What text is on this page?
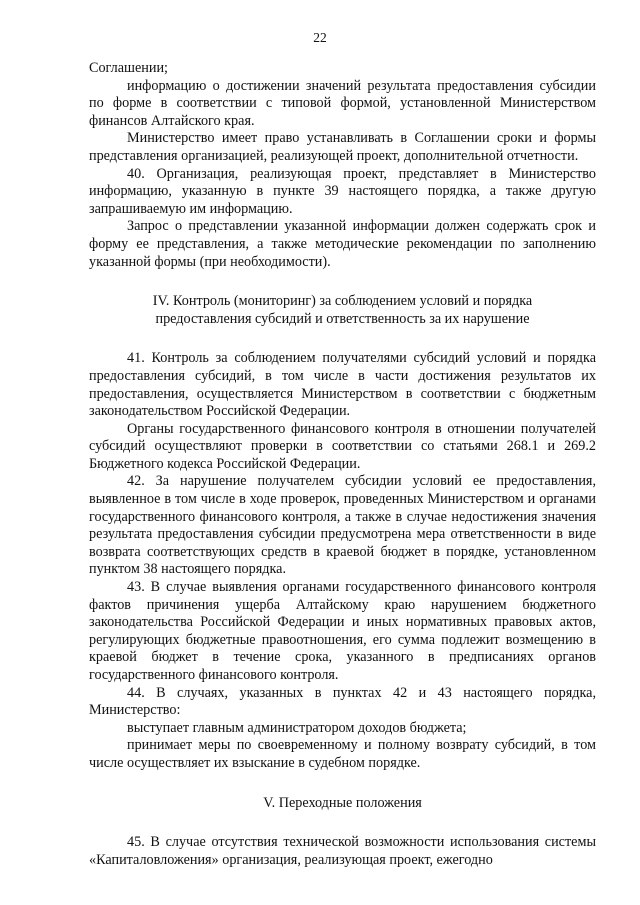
22

Соглашении;

информацию о достижении значений результата предоставления субсидии по форме в соответствии с типовой формой, установленной Министерством финансов Алтайского края.

Министерство имеет право устанавливать в Соглашении сроки и формы представления организацией, реализующей проект, дополнительной отчетности.

40. Организация, реализующая проект, представляет в Министерство информацию, указанную в пункте 39 настоящего порядка, а также другую запрашиваемую им информацию.

Запрос о представлении указанной информации должен содержать срок и форму ее представления, а также методические рекомендации по заполнению указанной формы (при необходимости).

IV. Контроль (мониторинг) за соблюдением условий и порядка

предоставления субсидий и ответственность за их нарушение

41. Контроль за соблюдением получателями субсидий условий и порядка предоставления субсидий, в том числе в части достижения результатов их предоставления, осуществляется Министерством в соответствии с бюджетным законодательством Российской Федерации.

Органы государственного финансового контроля в отношении получателей субсидий осуществляют проверки в соответствии со статьями 268.1 и 269.2 Бюджетного кодекса Российской Федерации.

42. За нарушение получателем субсидии условий ее предоставления, выявленное в том числе в ходе проверок, проведенных Министерством и органами государственного финансового контроля, а также в случае недостижения значения результата предоставления субсидии предусмотрена мера ответственности в виде возврата соответствующих средств в краевой бюджет в порядке, установленном пунктом 38 настоящего порядка.

43. В случае выявления органами государственного финансового контроля фактов причинения ущерба Алтайскому краю нарушением бюджетного законодательства Российской Федерации и иных нормативных правовых актов, регулирующих бюджетные правоотношения, его сумма подлежит возмещению в краевой бюджет в течение срока, указанного в предписаниях органов государственного финансового контроля.

44. В случаях, указанных в пунктах 42 и 43 настоящего порядка, Министерство:

выступает главным администратором доходов бюджета;

принимает меры по своевременному и полному возврату субсидий, в том числе осуществляет их взыскание в судебном порядке.

V. Переходные положения

45. В случае отсутствия технической возможности использования системы «Капиталовложения» организация, реализующая проект, ежегодно
